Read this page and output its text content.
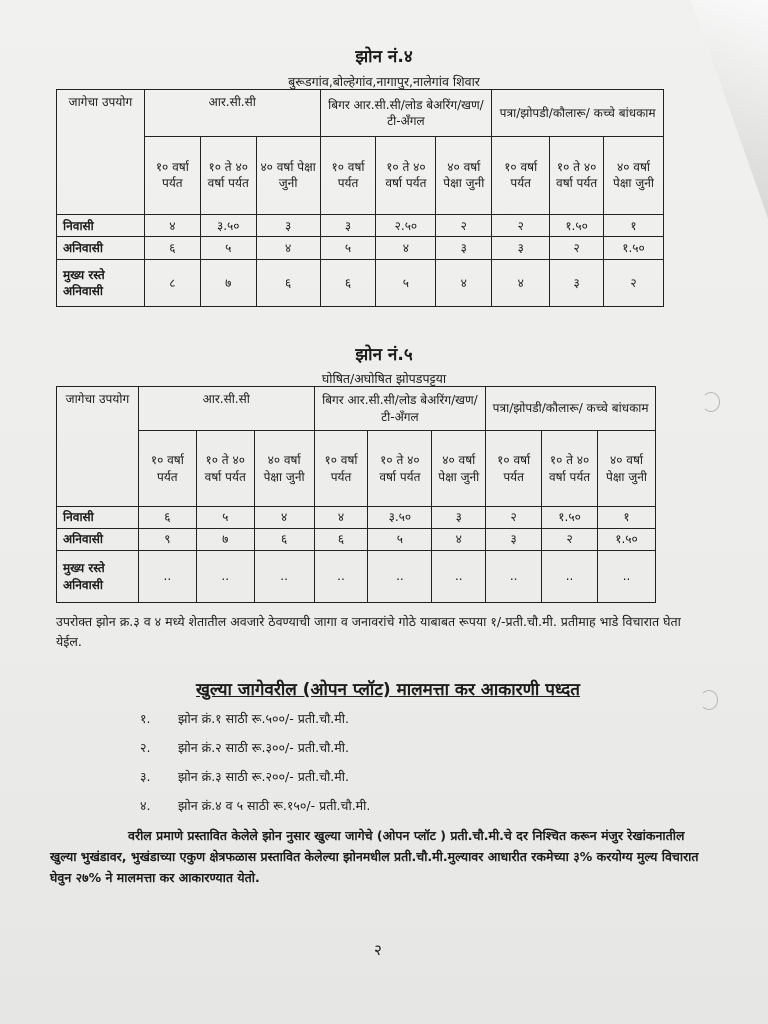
झोन नं.४
बुरूडगांव,बोल्हेगांव,नागापुर,नालेगांव शिवार
जागेचा उपयोग	आर.सी.सी			बिगर आर.सी.सी/लोड बेअरिंग/खण/टी-अँगल			पत्रा/झोपडी/कौलारू/ कच्चे बांधकाम		
	१० वर्षा पर्यत	१० ते ४० वर्षा पर्यत	४० वर्षा पेक्षा जुनी	१० वर्षा पर्यत	१० ते ४० वर्षा पर्यत	४० वर्षा पेक्षा जुनी	१० वर्षा पर्यत	१० ते ४० वर्षा पर्यत	४० वर्षा पेक्षा जुनी
निवासी	४	३.५०	३	३	२.५०	२	२	१.५०	१
अनिवासी	६	५	४	५	४	३	३	२	१.५०
मुख्य रस्ते अनिवासी	८	७	६	६	५	४	४	३	२
झोन नं.५
घोषित/अघोषित झोपडपट्टया
जागेचा उपयोग	आर.सी.सी			बिगर आर.सी.सी/लोड बेअरिंग/खण/टी-अँगल			पत्रा/झोपडी/कौलारू/ कच्चे बांधकाम		
	१० वर्षा पर्यत	१० ते ४० वर्षा पर्यत	४० वर्षा पेक्षा जुनी	१० वर्षा पर्यत	१० ते ४० वर्षा पर्यत	४० वर्षा पेक्षा जुनी	१० वर्षा पर्यत	१० ते ४० वर्षा पर्यत	४० वर्षा पेक्षा जुनी
निवासी	६	५	४	४	३.५०	३	२	१.५०	१
अनिवासी	९	७	६	६	५	४	३	२	१.५०
मुख्य रस्ते अनिवासी	..	..	..	..	..	..	..	..	..
उपरोक्त झोन क्र.३ व ४ मध्ये शेतातील अवजारे ठेवण्याची जागा व जनावरांचे गोठे याबाबत रूपया १/-प्रती.चौ.मी. प्रतीमाह भाडे विचारात घेता येईल.
खुल्या जागेवरील (ओपन प्लॉट) मालमत्ता कर आकारणी पध्दत
१. झोन क्रं.१ साठी रू.५००/- प्रती.चौ.मी.
२. झोन क्रं.२ साठी रू.३००/- प्रती.चौ.मी.
३. झोन क्रं.३ साठी रू.२००/- प्रती.चौ.मी.
४. झोन क्रं.४ व ५ साठी रू.१५०/- प्रती.चौ.मी.
वरील प्रमाणे प्रस्तावित केलेले झोन नुसार खुल्या जागेचे (ओपन प्लॉट ) प्रती.चौ.मी.चे दर निश्चित करून मंजुर रेखांकनातील खुल्या भुखंडावर, भुखंडाच्या एकुण क्षेत्रफळास प्रस्तावित केलेल्या झोनमधील प्रती.चौ.मी.मुल्यावर आधारीत रकमेच्या ३% करयोग्य मुल्य विचारात घेवुन २७% ने मालमत्ता कर आकारण्यात येतो.
२
